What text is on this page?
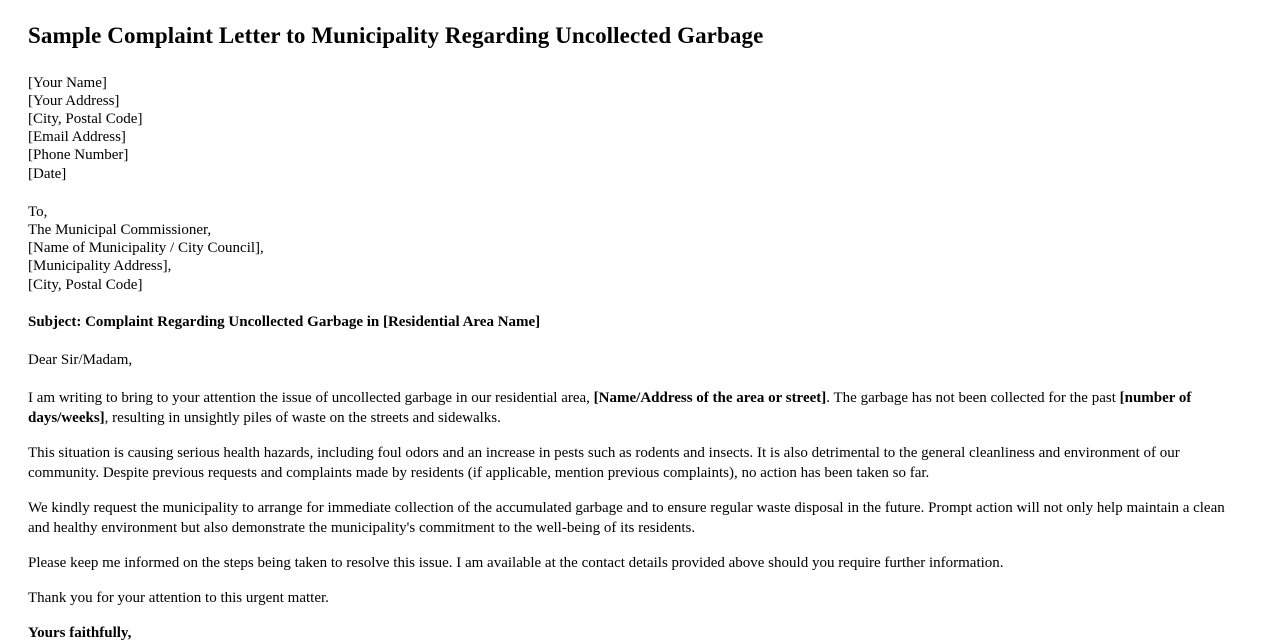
Sample Complaint Letter to Municipality Regarding Uncollected Garbage
[Your Name]
[Your Address]
[City, Postal Code]
[Email Address]
[Phone Number]
[Date]
To,
The Municipal Commissioner,
[Name of Municipality / City Council],
[Municipality Address],
[City, Postal Code]

Subject: Complaint Regarding Uncollected Garbage in [Residential Area Name]

Dear Sir/Madam,

I am writing to bring to your attention the issue of uncollected garbage in our residential area, [Name/Address of the area or street]. The garbage has not been collected for the past [number of days/weeks], resulting in unsightly piles of waste on the streets and sidewalks.

This situation is causing serious health hazards, including foul odors and an increase in pests such as rodents and insects. It is also detrimental to the general cleanliness and environment of our community. Despite previous requests and complaints made by residents (if applicable, mention previous complaints), no action has been taken so far.

We kindly request the municipality to arrange for immediate collection of the accumulated garbage and to ensure regular waste disposal in the future. Prompt action will not only help maintain a clean and healthy environment but also demonstrate the municipality's commitment to the well-being of its residents.

Please keep me informed on the steps being taken to resolve this issue. I am available at the contact details provided above should you require further information.

Thank you for your attention to this urgent matter.

Yours faithfully,
